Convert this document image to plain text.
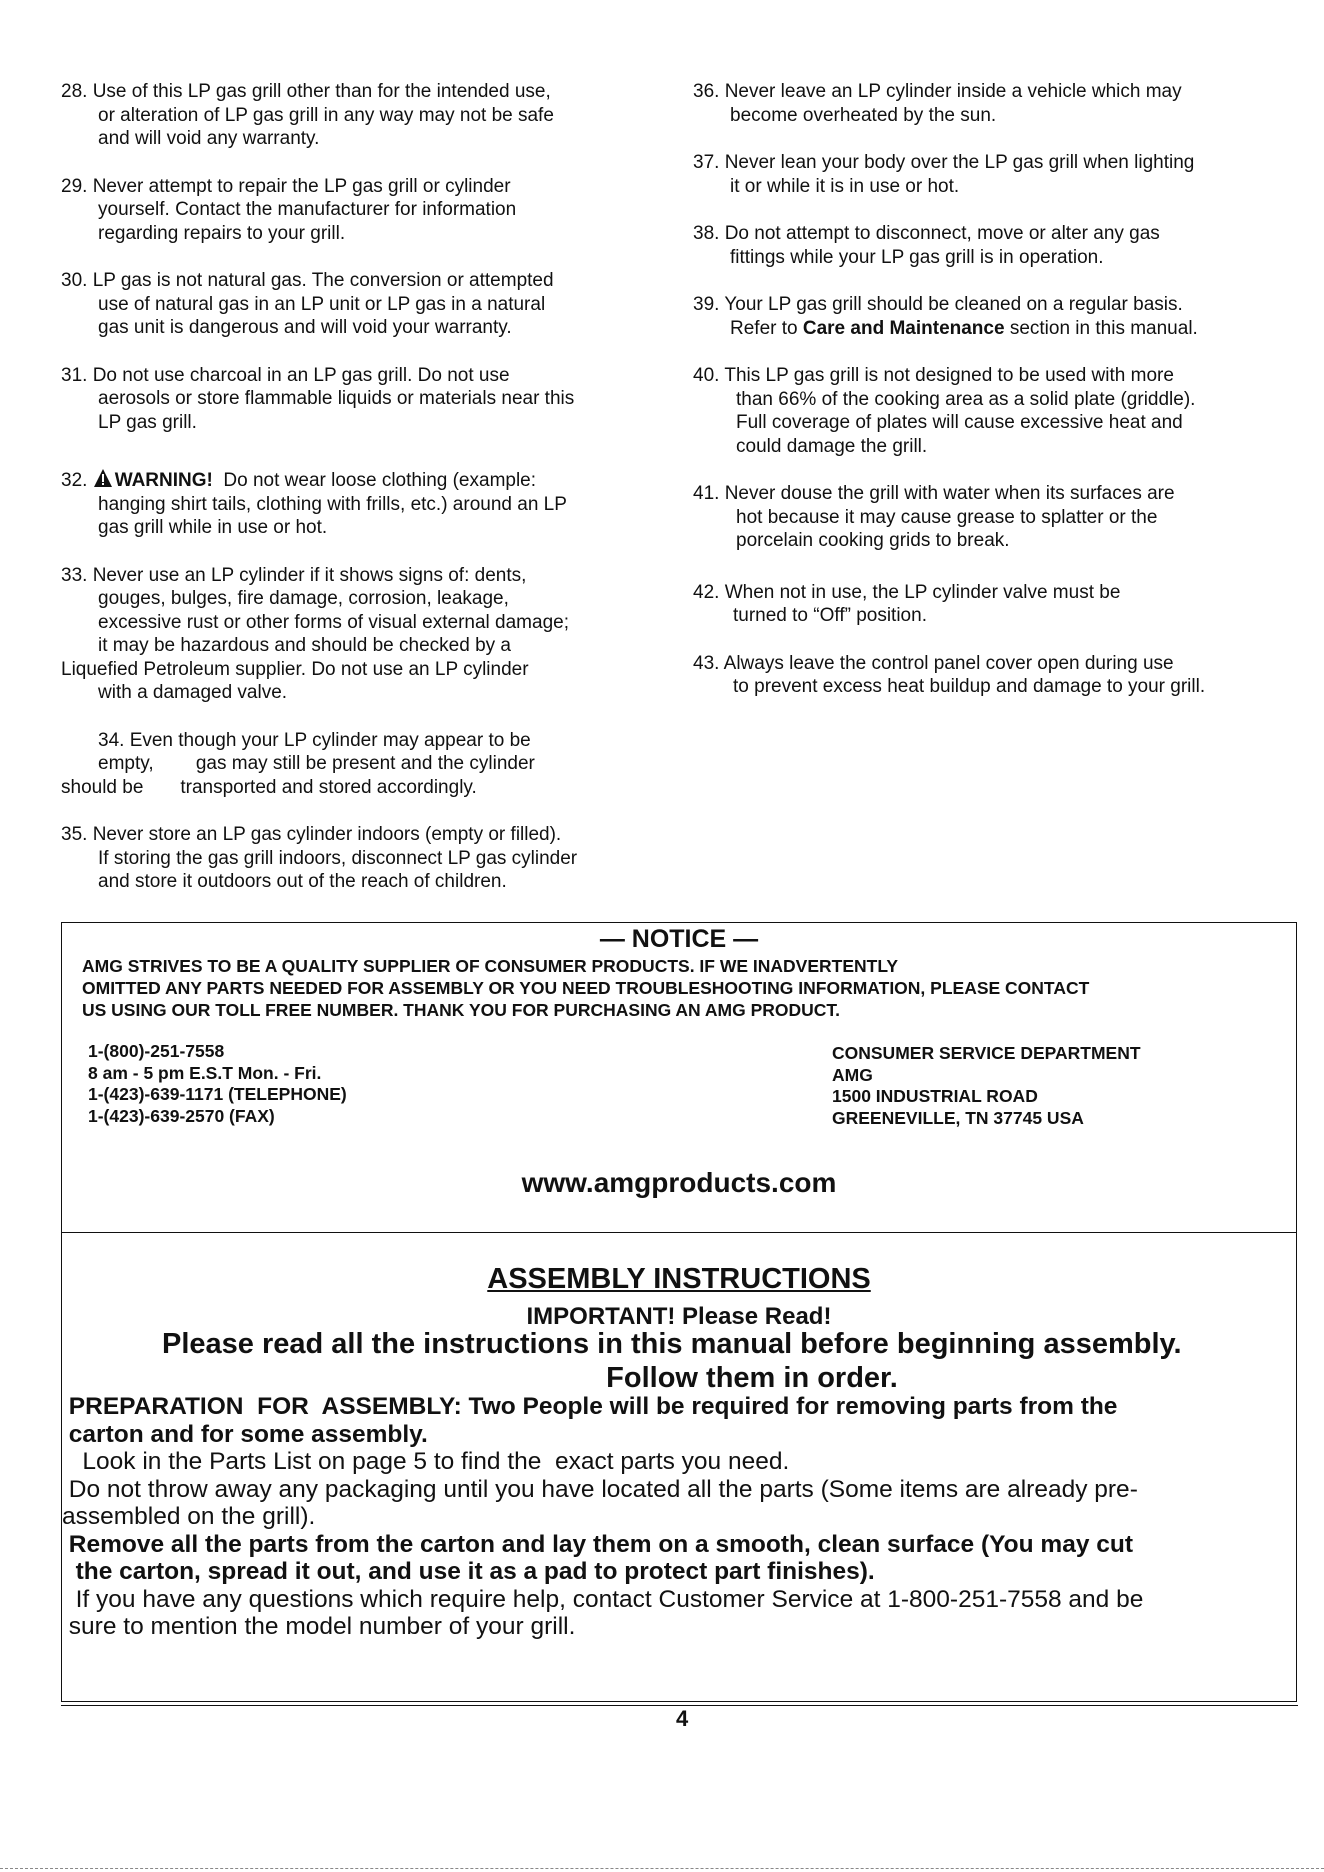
28. Use of this LP gas grill other than for the intended use,
or alteration of LP gas grill in any way may not be safe
and will void any warranty.
29. Never attempt to repair the LP gas grill or cylinder
yourself. Contact the manufacturer for information
regarding repairs to your grill.
30. LP gas is not natural gas. The conversion or attempted
use of natural gas in an LP unit or LP gas in a natural
gas unit is dangerous and will void your warranty.
31. Do not use charcoal in an LP gas grill. Do not use
aerosols or store flammable liquids or materials near this
LP gas grill.
32. WARNING!  Do not wear loose clothing (example:
hanging shirt tails, clothing with frills, etc.) around an LP
gas grill while in use or hot.
33. Never use an LP cylinder if it shows signs of: dents,
gouges, bulges, fire damage, corrosion, leakage,
excessive rust or other forms of visual external damage;
it may be hazardous and should be checked by a
Liquefied Petroleum supplier. Do not use an LP cylinder
with a damaged valve.
34. Even though your LP cylinder may appear to be
empty,        gas may still be present and the cylinder
should be       transported and stored accordingly.
35. Never store an LP gas cylinder indoors (empty or filled).
If storing the gas grill indoors, disconnect LP gas cylinder
and store it outdoors out of the reach of children.
36. Never leave an LP cylinder inside a vehicle which may
become overheated by the sun.
37. Never lean your body over the LP gas grill when lighting
it or while it is in use or hot.
38. Do not attempt to disconnect, move or alter any gas
fittings while your LP gas grill is in operation.
39. Your LP gas grill should be cleaned on a regular basis.
Refer to Care and Maintenance section in this manual.
40. This LP gas grill is not designed to be used with more
than 66% of the cooking area as a solid plate (griddle).
Full coverage of plates will cause excessive heat and
could damage the grill.
41. Never douse the grill with water when its surfaces are
hot because it may cause grease to splatter or the
porcelain cooking grids to break.
42. When not in use, the LP cylinder valve must be
turned to “Off” position.
43. Always leave the control panel cover open during use
to prevent excess heat buildup and damage to your grill.
— NOTICE —
AMG STRIVES TO BE A QUALITY SUPPLIER OF CONSUMER PRODUCTS. IF WE INADVERTENTLY
OMITTED ANY PARTS NEEDED FOR ASSEMBLY OR YOU NEED TROUBLESHOOTING INFORMATION, PLEASE CONTACT
US USING OUR TOLL FREE NUMBER. THANK YOU FOR PURCHASING AN AMG PRODUCT.
1-(800)-251-7558
8 am - 5 pm E.S.T Mon. - Fri.
1-(423)-639-1171 (TELEPHONE)
1-(423)-639-2570 (FAX)
CONSUMER SERVICE DEPARTMENT
AMG
1500 INDUSTRIAL ROAD
GREENEVILLE, TN 37745 USA
www.amgproducts.com
ASSEMBLY INSTRUCTIONS
IMPORTANT! Please Read!
Please read all the instructions in this manual before beginning assembly.
Follow them in order.
PREPARATION  FOR  ASSEMBLY: Two People will be required for removing parts from the
carton and for some assembly.
Look in the Parts List on page 5 to find the  exact parts you need.
Do not throw away any packaging until you have located all the parts (Some items are already pre-
assembled on the grill).
Remove all the parts from the carton and lay them on a smooth, clean surface (You may cut
the carton, spread it out, and use it as a pad to protect part finishes).
If you have any questions which require help, contact Customer Service at 1-800-251-7558 and be
sure to mention the model number of your grill.
4
